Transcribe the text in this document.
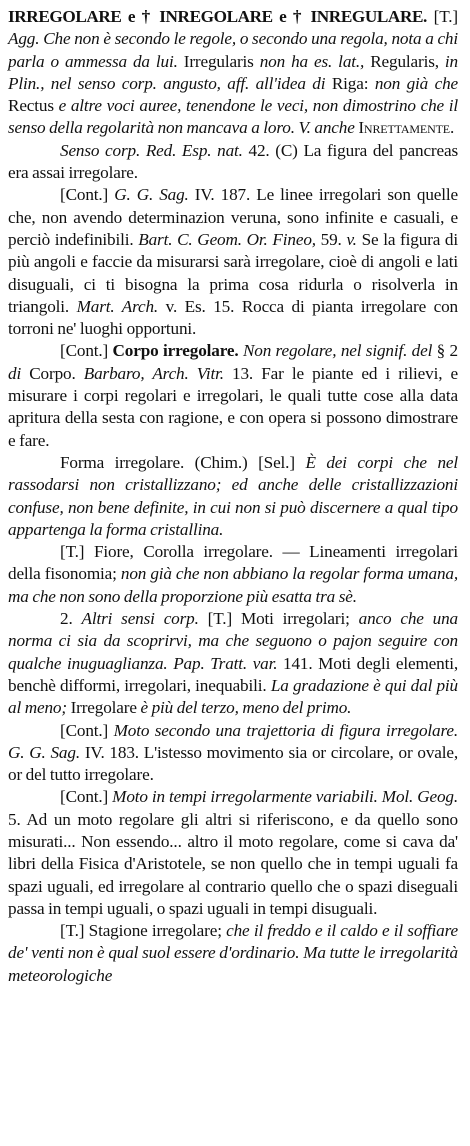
IRREGOLARE e † INREGOLARE e † INREGULARE. [T.] Agg. Che non è secondo le regole, o secondo una regola, nota a chi parla o ammessa da lui. Irregularis non ha es. lat., Regularis, in Plin., nel senso corp. angusto, aff. all'idea di Riga: non già che Rectus e altre voci auree, tenendone le veci, non dimostrino che il senso della regolarità non mancava a loro. V. anche Inrettamente.

Senso corp. Red. Esp. nat. 42. (C) La figura del pancreas era assai irregolare.

[Cont.] G. G. Sag. IV. 187. Le linee irregolari son quelle che, non avendo determinazion veruna, sono infinite e casuali, e perciò indefinibili. Bart. C. Geom. Or. Fineo, 59. v. Se la figura di più angoli e faccie da misurarsi sarà irregolare, cioè di angoli e lati disuguali, ci ti bisogna la prima cosa ridurla o risolverla in triangoli. Mart. Arch. v. Es. 15. Rocca di pianta irregolare con torroni ne' luoghi opportuni.

[Cont.] Corpo irregolare. Non regolare, nel signif. del § 2 di Corpo. Barbaro, Arch. Vitr. 13. Far le piante ed i rilievi, e misurare i corpi regolari e irregolari, le quali tutte cose alla data apritura della sesta con ragione, e con opera si possono dimostrare e fare.

Forma irregolare. (Chim.) [Sel.] È dei corpi che nel rassodarsi non cristallizzano; ed anche delle cristallizzazioni confuse, non bene definite, in cui non si può discernere a qual tipo appartenga la forma cristallina.

[T.] Fiore, Corolla irregolare. — Lineamenti irregolari della fisonomia; non già che non abbiano la regolar forma umana, ma che non sono della proporzione più esatta tra sè.

2. Altri sensi corp. [T.] Moti irregolari; anco che una norma ci sia da scoprirvi, ma che seguono o pajon seguire con qualche inuguaglianza. Pap. Tratt. var. 141. Moti degli elementi, benchè difformi, irregolari, inequabili. La gradazione è qui dal più al meno; Irregolare è più del terzo, meno del primo.

[Cont.] Moto secondo una trajettoria di figura irregolare. G. G. Sag. IV. 183. L'istesso movimento sia or circolare, or ovale, or del tutto irregolare.

[Cont.] Moto in tempi irregolarmente variabili. Mol. Geog. 5. Ad un moto regolare gli altri si riferiscono, e da quello sono misurati... Non essendo... altro il moto regolare, come si cava da' libri della Fisica d'Aristotele, se non quello che in tempi uguali fa spazi uguali, ed irregolare al contrario quello che o spazi diseguali passa in tempi uguali, o spazi uguali in tempi disuguali.

[T.] Stagione irregolare; che il freddo e il caldo e il soffiare de' venti non è qual suol essere d'ordinario. Ma tutte le irregolarità meteorologiche
